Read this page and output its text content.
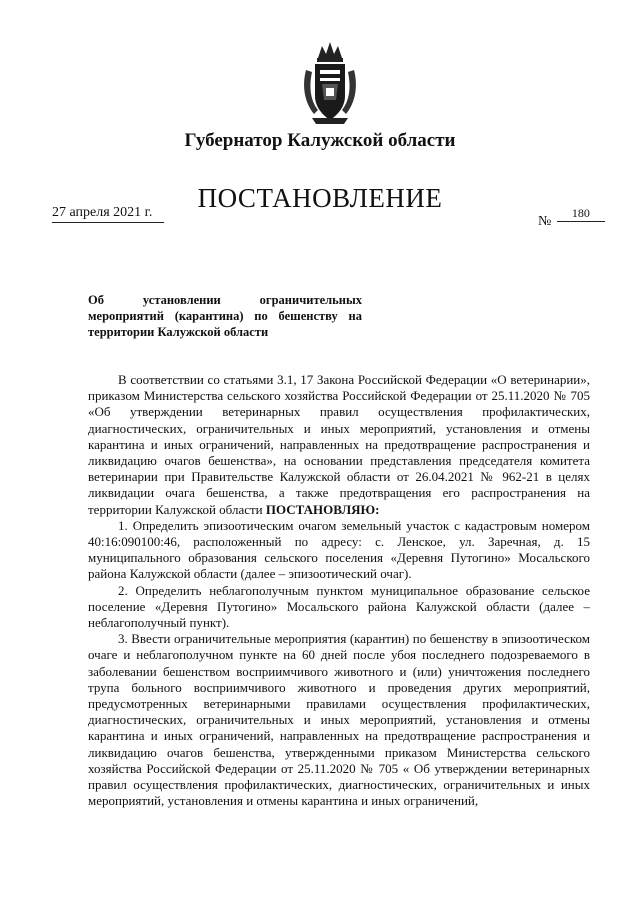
Губернатор Калужской области
ПОСТАНОВЛЕНИЕ
27 апреля 2021 г.
№ 180
Об установлении ограничительных мероприятий (карантина) по бешенству на территории Калужской области

В соответствии со статьями 3.1, 17 Закона Российской Федерации «О ветеринарии», приказом Министерства сельского хозяйства Российской Федерации от 25.11.2020 № 705 «Об утверждении ветеринарных правил осуществления профилактических, диагностических, ограничительных и иных мероприятий, установления и отмены карантина и иных ограничений, направленных на предотвращение распространения и ликвидацию очагов бешенства», на основании представления председателя комитета ветеринарии при Правительстве Калужской области от 26.04.2021 № 962-21 в целях ликвидации очага бешенства, а также предотвращения его распространения на территории Калужской области ПОСТАНОВЛЯЮ:

1. Определить эпизоотическим очагом земельный участок с кадастровым номером 40:16:090100:46, расположенный по адресу: с. Ленское, ул. Заречная, д. 15 муниципального образования сельского поселения «Деревня Путогино» Мосальского района Калужской области (далее – эпизоотический очаг).

2. Определить неблагополучным пунктом муниципальное образование сельское поселение «Деревня Путогино» Мосальского района Калужской области (далее – неблагополучный пункт).

3. Ввести ограничительные мероприятия (карантин) по бешенству в эпизоотическом очаге и неблагополучном пункте на 60 дней после убоя последнего подозреваемого в заболевании бешенством восприимчивого животного и (или) уничтожения последнего трупа больного восприимчивого животного и проведения других мероприятий, предусмотренных ветеринарными правилами осуществления профилактических, диагностических, ограничительных и иных мероприятий, установления и отмены карантина и иных ограничений, направленных на предотвращение распространения и ликвидацию очагов бешенства, утвержденными приказом Министерства сельского хозяйства Российской Федерации от 25.11.2020 № 705 « Об утверждении ветеринарных правил осуществления профилактических, диагностических, ограничительных и иных мероприятий, установления и отмены карантина и иных ограничений,
